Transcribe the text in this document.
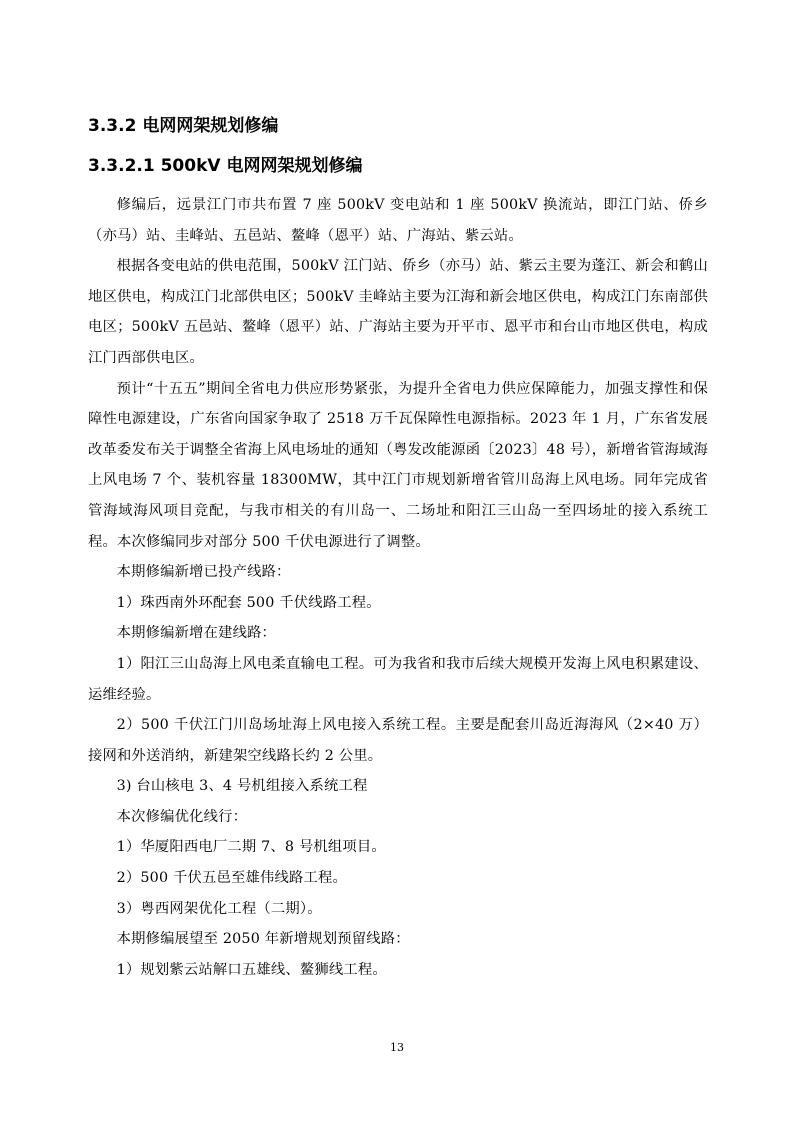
3.3.2 电网网架规划修编
3.3.2.1 500kV 电网网架规划修编

修编后，远景江门市共布置 7 座 500kV 变电站和 1 座 500kV 换流站，即江门站、侨乡（亦马）站、圭峰站、五邑站、鳌峰（恩平）站、广海站、紫云站。

根据各变电站的供电范围，500kV 江门站、侨乡（亦马）站、紫云主要为蓬江、新会和鹤山地区供电，构成江门北部供电区；500kV 圭峰站主要为江海和新会地区供电，构成江门东南部供电区；500kV 五邑站、鳌峰（恩平）站、广海站主要为开平市、恩平市和台山市地区供电，构成江门西部供电区。

预计“十五五”期间全省电力供应形势紧张，为提升全省电力供应保障能力，加强支撑性和保障性电源建设，广东省向国家争取了 2518 万千瓦保障性电源指标。2023 年 1 月，广东省发展改革委发布关于调整全省海上风电场址的通知（粤发改能源函〔2023〕48 号），新增省管海域海上风电场 7 个、装机容量 18300MW，其中江门市规划新增省管川岛海上风电场。同年完成省管海域海风项目竞配，与我市相关的有川岛一、二场址和阳江三山岛一至四场址的接入系统工程。本次修编同步对部分 500 千伏电源进行了调整。

本期修编新增已投产线路：

1）珠西南外环配套 500 千伏线路工程。

本期修编新增在建线路：

1）阳江三山岛海上风电柔直输电工程。可为我省和我市后续大规模开发海上风电积累建设、运维经验。

2）500 千伏江门川岛场址海上风电接入系统工程。主要是配套川岛近海海风（2×40 万）接网和外送消纳，新建架空线路长约 2 公里。

3) 台山核电 3、4 号机组接入系统工程

本次修编优化线行：

1）华厦阳西电厂二期 7、8 号机组项目。

2）500 千伏五邑至雄伟线路工程。

3）粤西网架优化工程（二期）。

本期修编展望至 2050 年新增规划预留线路：

1）规划紫云站解口五雄线、鳌狮线工程。

13
